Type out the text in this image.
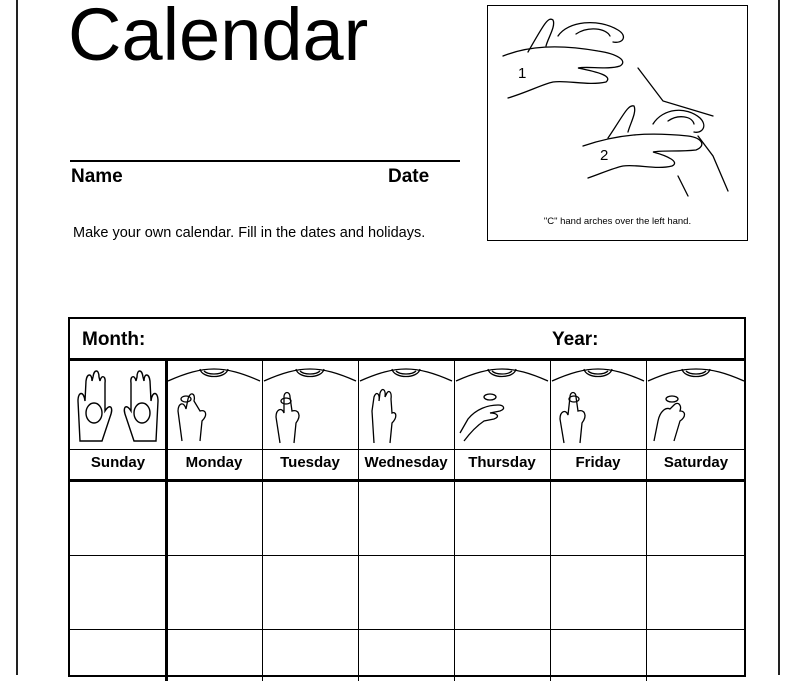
Calendar
Name	Date
Make your own calendar. Fill in the dates and holidays.
1
2
"C" hand arches over the left hand.
Month:	Year:
Sunday	Monday	Tuesday	Wednesday	Thursday	Friday	Saturday
